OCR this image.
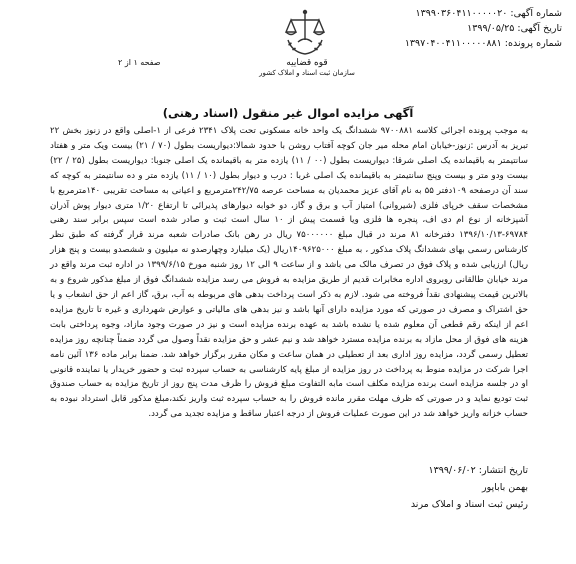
شماره آگهی: ۱۳۹۹۰۳۶۰۴۱۱۰۰۰۰۰۲۰
تاریخ آگهی: ۱۳۹۹/۰۵/۲۵
شماره پرونده: ۱۳۹۷۰۴۰۰۴۱۱۰۰۰۰۰۸۸۱
قوه قضاییه
سازمان ثبت اسناد و املاک کشور
صفحه ۱ از ۲
آگهی مزایده اموال غیر منقول (اسناد رهنی)
به موجب پرونده اجرائی کلاسه ۹۷۰۰۸۸۱ ششدانگ یک واحد خانه مسکونی تحت پلاک ۲۳۴۱ فرعی از ۱-اصلی واقع در زنوز بخش ۲۲ تبریز به آدرس :زنوز-خیابان امام محله میر جان کوچه آفتاب روشن با حدود شمالا:دیواریست بطول (۷۰ / ۲۱) بیست ویک متر و هفتاد سانتیمتر به باقیمانده یک اصلی شرقا: دیواریست بطول (۰۰ / ۱۱) یازده متر به باقیمانده یک اصلی جنوبا: دیواریست بطول (۲۵ / ۲۲) بیست ودو متر و بیست وپنج سانتیمتر به باقیمانده یک اصلی غربا : درب و دیوار بطول (۱۰ / ۱۱) یازده متر و ده سانتیمتر به کوچه که سند آن درصفحه ۱۰۹دفتر ۵۵ به نام آقای عزیز محمدیان به مساحت عرصه ۲۴۲/۷۵مترمربع و اعیانی به مساحت تقریبی ۱۴۰مترمربع با مشخصات سقف خرپای فلزی (شیروانی) امتیاز آب و برق و گاز، دو خوابه دیوارهای پذیرائی تا ارتفاع ۱/۲۰ متری دیوار پوش آذران آشپزخانه از نوع ام دی اف، پنجره ها فلزی ویا قسمت پیش از ۱۰ سال است ثبت و صادر شده است سپس برابر سند رهنی ۶۹۷۸۴-۱۳۹۶/۱۰/۱۳ دفترخانه ۸۱ مرند در قبال مبلغ ۷۵۰۰۰۰۰۰ ریال در رهن بانک صادرات شعبه مرند قرار گرفته که طبق نظر کارشناس رسمی بهای ششدانگ پلاک مذکور ، به مبلغ ۱۴۰۹۶۲۵۰۰۰ریال (یک میلیارد وچهارصدو نه میلیون و ششصدو بیست و پنج هزار ریال) ارزیابی شده و پلاک فوق در تصرف مالک می باشد و از ساعت ۹ الی ۱۲ روز شنبه مورخ ۱۳۹۹/۶/۱۵ در اداره ثبت مرند واقع در مرند خیابان طالقانی روبروی اداره مخابرات قدیم از طریق مزایده به فروش می رسد مزایده ششدانگ فوق از مبلغ مذکور شروع و به بالاترین قیمت پیشنهادی نقداً فروخته می شود. لازم به ذکر است پرداخت بدهی های مربوطه به آب، برق، گاز اعم از حق انشعاب و یا حق اشتراک و مصرف در صورتی که مورد مزایده دارای آنها باشد و نیز بدهی های مالیاتی و عوارض شهرداری و غیره تا تاریخ مزایده اعم از اینکه رقم قطعی آن معلوم شده یا نشده باشد به عهده برنده مزایده است و نیز در صورت وجود مازاد، وجوه پرداختی بابت هزینه های فوق از محل مازاد به برنده مزایده مسترد خواهد شد و نیم عشر و حق مزایده نقداً وصول می گردد ضمناً چنانچه روز مزایده تعطیل رسمی گردد، مزایده روز اداری بعد از تعطیلی در همان ساعت و مکان مقرر برگزار خواهد شد. ضمنا برابر ماده ۱۳۶ آئین نامه اجرا شرکت در مزایده منوط به پرداخت در روز مزایده از مبلغ پایه کارشناسی به حساب سپرده ثبت و حضور خریدار یا نماینده قانونی او در جلسه مزایده است برنده مزایده مکلف است مابه التفاوت مبلغ فروش را ظرف مدت پنج روز از تاریخ مزایده به حساب صندوق ثبت تودیع نماید و در صورتی که ظرف مهلت مقرر مانده فروش را به حساب سپرده ثبت واریز نکند،مبلغ مذکور قابل استرداد نبوده به حساب خزانه واریز خواهد شد در این صورت عملیات فروش از درجه اعتبار ساقط و مزایده تجدید می گردد.
تاریخ انتشار: ۱۳۹۹/۰۶/۰۲
بهمن باباپور
رئیس ثبت اسناد و املاک مرند
